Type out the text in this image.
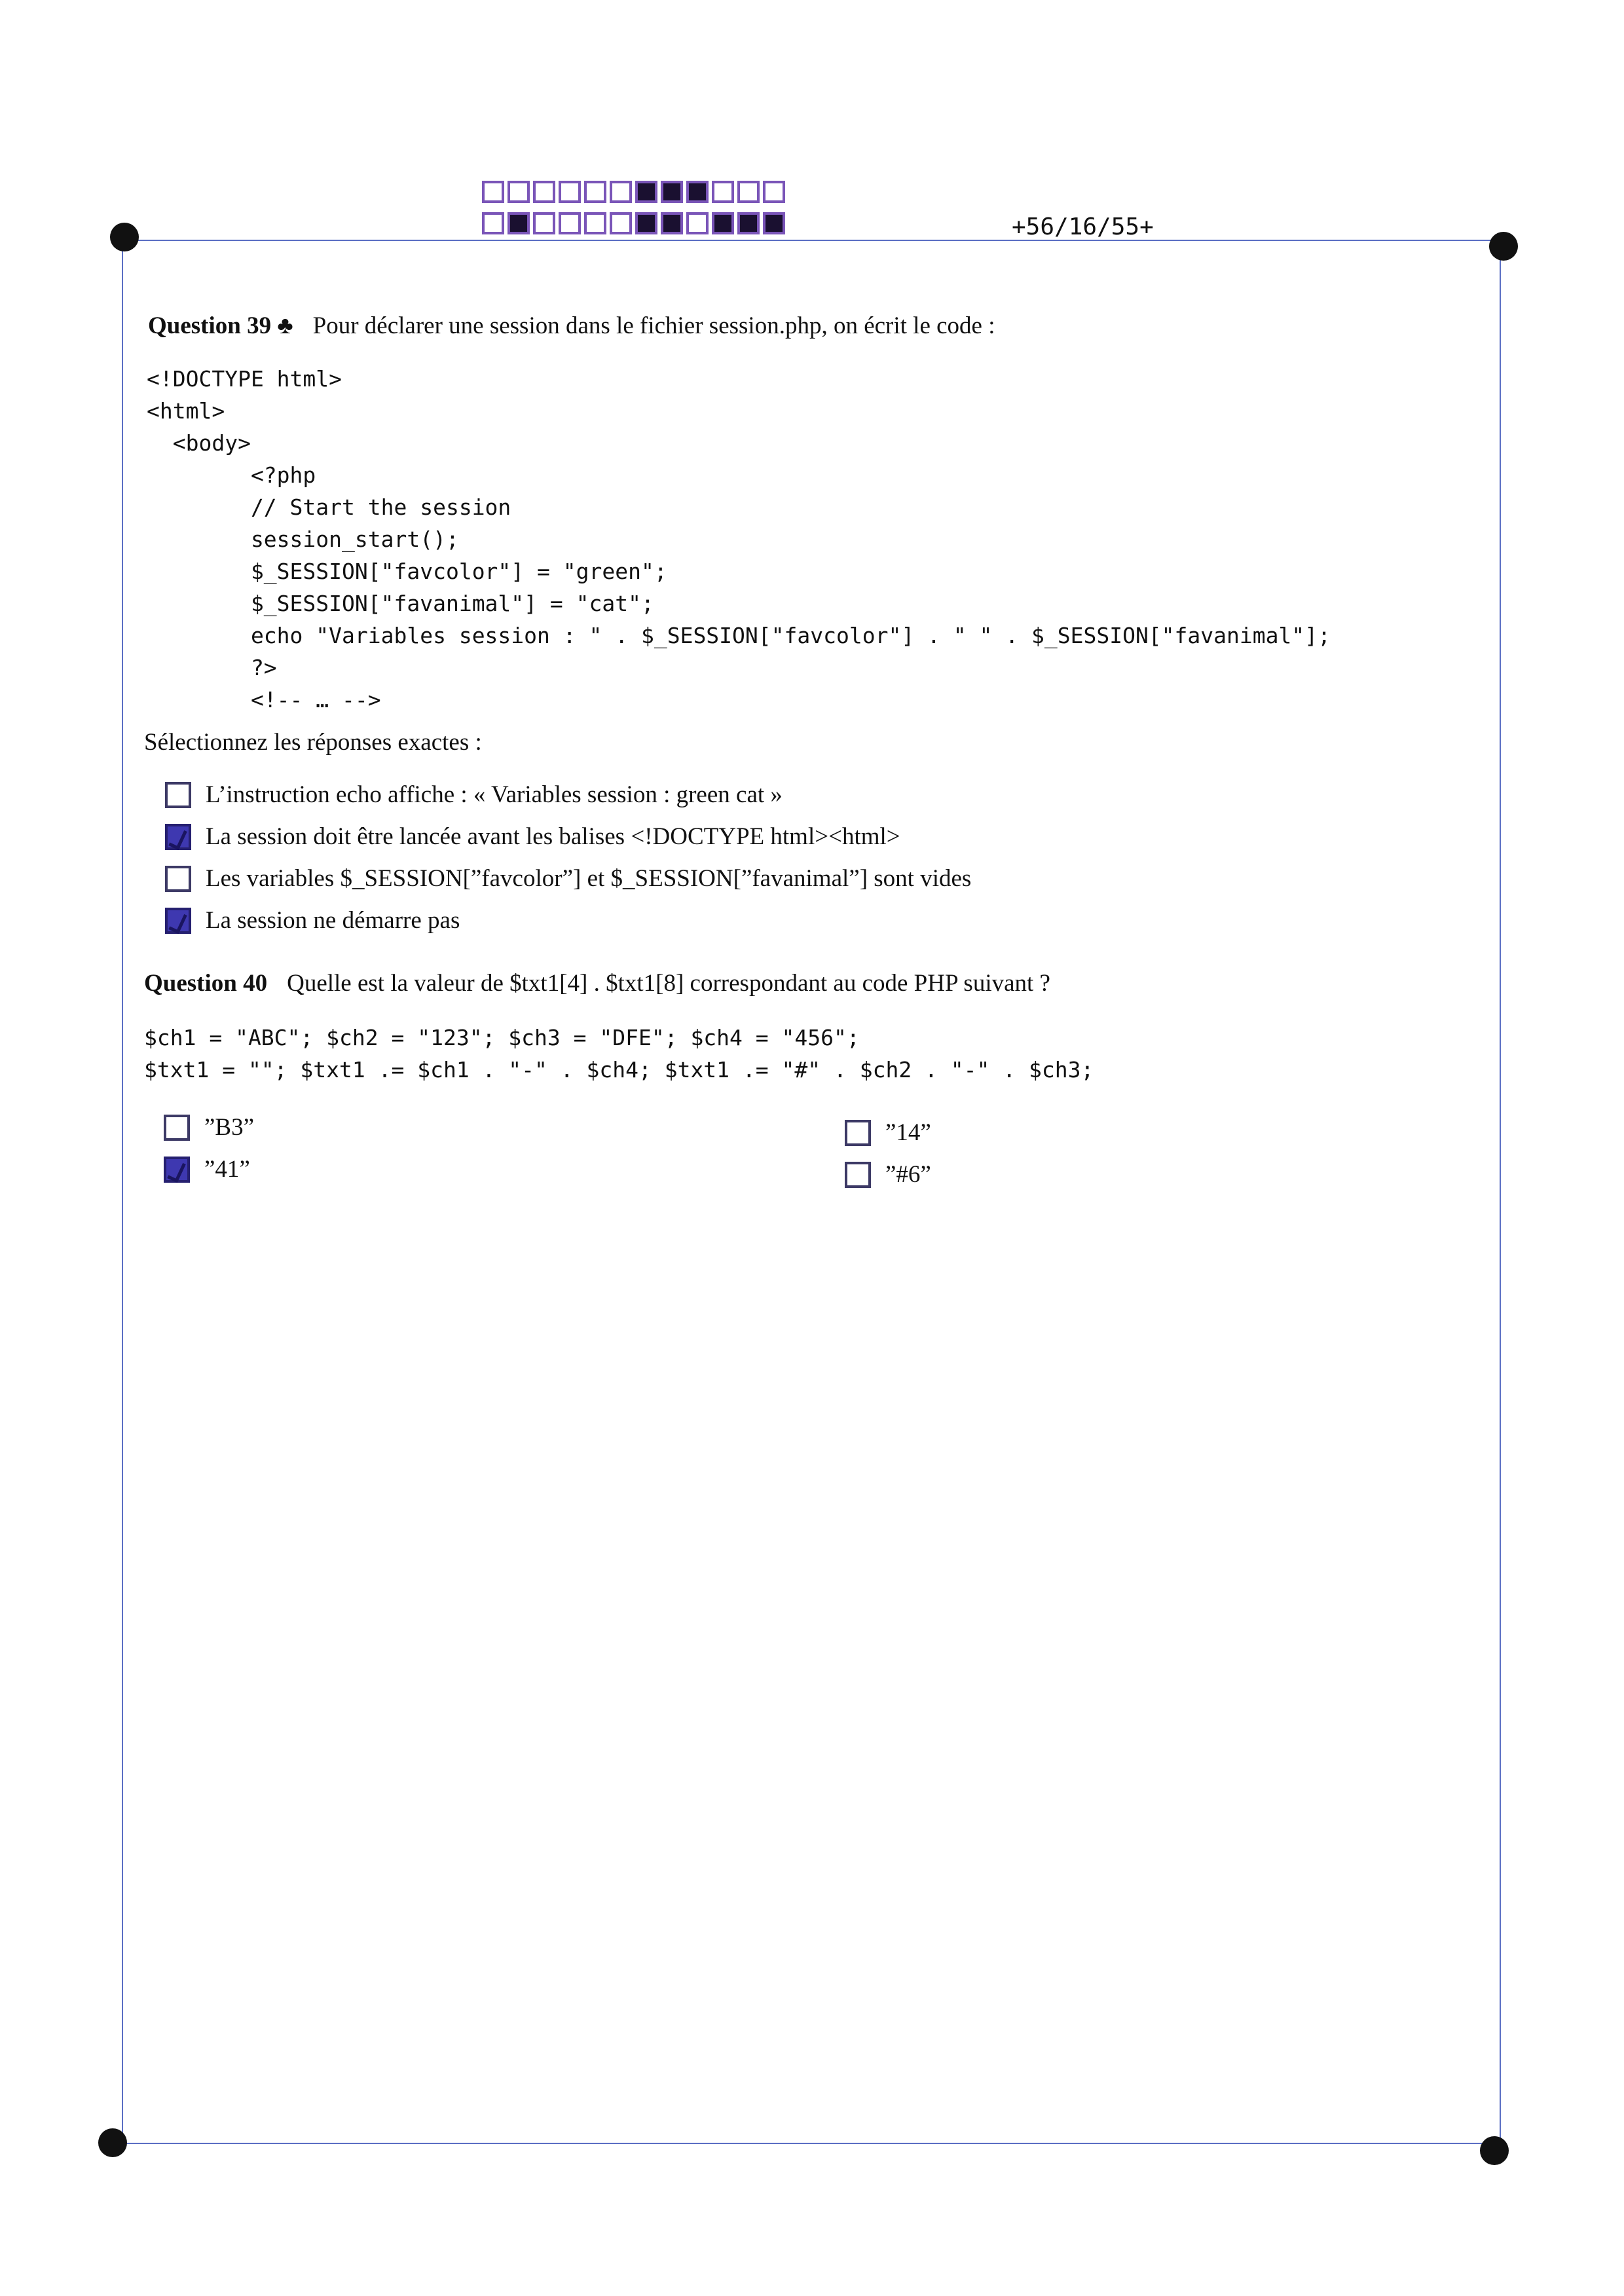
+56/16/55+
Question 39 ♣ Pour déclarer une session dans le fichier session.php, on écrit le code :
<!DOCTYPE html>
<html>
<body>
<?php
// Start the session
session_start();
$_SESSION["favcolor"] = "green";
$_SESSION["favanimal"] = "cat";
echo "Variables session : " . $_SESSION["favcolor"] . " " . $_SESSION["favanimal"];
?>
<!-- … -->
Sélectionnez les réponses exactes :
L’instruction echo affiche : « Variables session : green cat »
La session doit être lancée avant les balises <!DOCTYPE html><html>
Les variables $_SESSION[”favcolor”] et $_SESSION[”favanimal”] sont vides
La session ne démarre pas
Question 40 Quelle est la valeur de $txt1[4] . $txt1[8] correspondant au code PHP suivant ?
$ch1 = "ABC"; $ch2 = "123"; $ch3 = "DFE"; $ch4 = "456";
$txt1 = ""; $txt1 .= $ch1 . "-" . $ch4; $txt1 .= "#" . $ch2 . "-" . $ch3;
”B3”
”41”
”14”
”#6”
